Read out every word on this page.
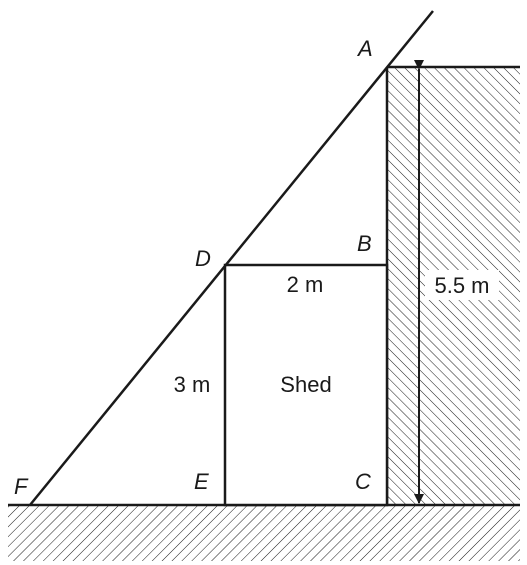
A
B
C
D
E
F
2 m
3 m	Shed
5.5 m
